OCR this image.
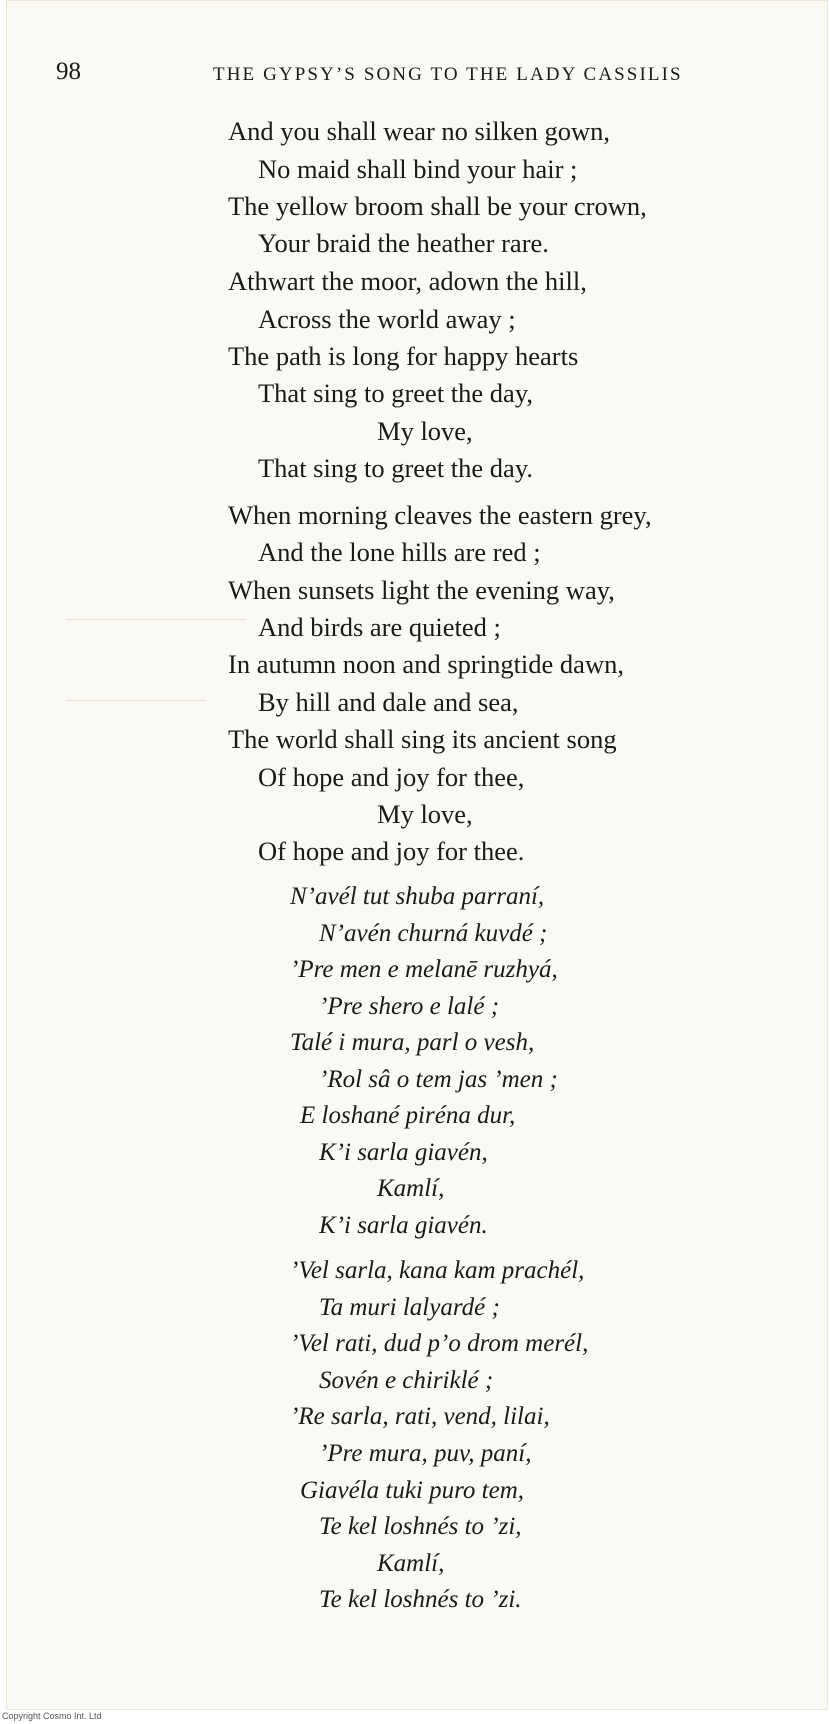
98	THE GYPSY’S SONG TO THE LADY CASSILIS
And you shall wear no silken gown,
No maid shall bind your hair ;
The yellow broom shall be your crown,
Your braid the heather rare.
Athwart the moor, adown the hill,
Across the world away ;
The path is long for happy hearts
That sing to greet the day,
My love,
That sing to greet the day.
When morning cleaves the eastern grey,
And the lone hills are red ;
When sunsets light the evening way,
And birds are quieted ;
In autumn noon and springtide dawn,
By hill and dale and sea,
The world shall sing its ancient song
Of hope and joy for thee,
My love,
Of hope and joy for thee.
N’avél tut shuba parraní,
N’avén churná kuvdé ;
’Pre men e melanē ruzhyá,
’Pre shero e lalé ;
Talé i mura, parl o vesh,
’Rol sâ o tem jas ’men ;
E loshané piréna dur,
K’i sarla giavén,
Kamlí,
K’i sarla giavén.
’Vel sarla, kana kam prachél,
Ta muri lalyardé ;
’Vel rati, dud p’o drom merél,
Sovén e chiriklé ;
’Re sarla, rati, vend, lilai,
’Pre mura, puv, paní,
Giavéla tuki puro tem,
Te kel loshnés to ’zi,
Kamlí,
Te kel loshnés to ’zi.
Copyright Cosmo Int. Ltd
